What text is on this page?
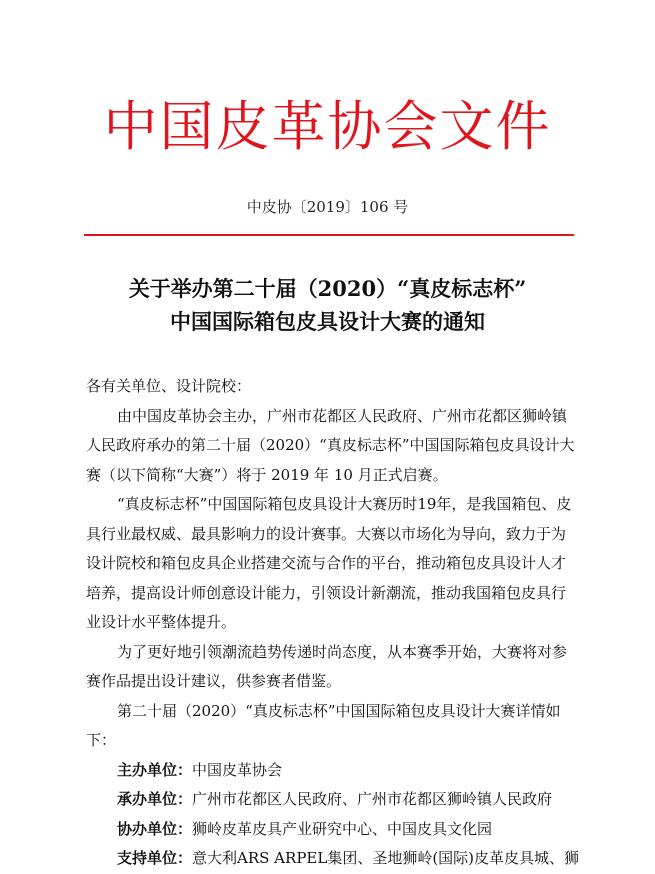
中国皮革协会文件
中皮协〔2019〕106 号
关于举办第二十届（2020）“真皮标志杯”
中国国际箱包皮具设计大赛的通知

各有关单位、设计院校：

由中国皮革协会主办，广州市花都区人民政府、广州市花都区狮岭镇人民政府承办的第二十届（2020）“真皮标志杯”中国国际箱包皮具设计大赛（以下简称“大赛”）将于 2019 年 10 月正式启赛。

“真皮标志杯”中国国际箱包皮具设计大赛历时19年，是我国箱包、皮具行业最权威、最具影响力的设计赛事。大赛以市场化为导向，致力于为设计院校和箱包皮具企业搭建交流与合作的平台，推动箱包皮具设计人才培养，提高设计师创意设计能力，引领设计新潮流，推动我国箱包皮具行业设计水平整体提升。

为了更好地引领潮流趋势传递时尚态度，从本赛季开始，大赛将对参赛作品提出设计建议，供参赛者借鉴。

第二十届（2020）“真皮标志杯”中国国际箱包皮具设计大赛详情如下：

主办单位：中国皮革协会

承办单位：广州市花都区人民政府、广州市花都区狮岭镇人民政府

协办单位：狮岭皮革皮具产业研究中心、中国皮具文化园

支持单位：意大利ARS ARPEL集团、圣地狮岭(国际)皮革皮具城、狮
